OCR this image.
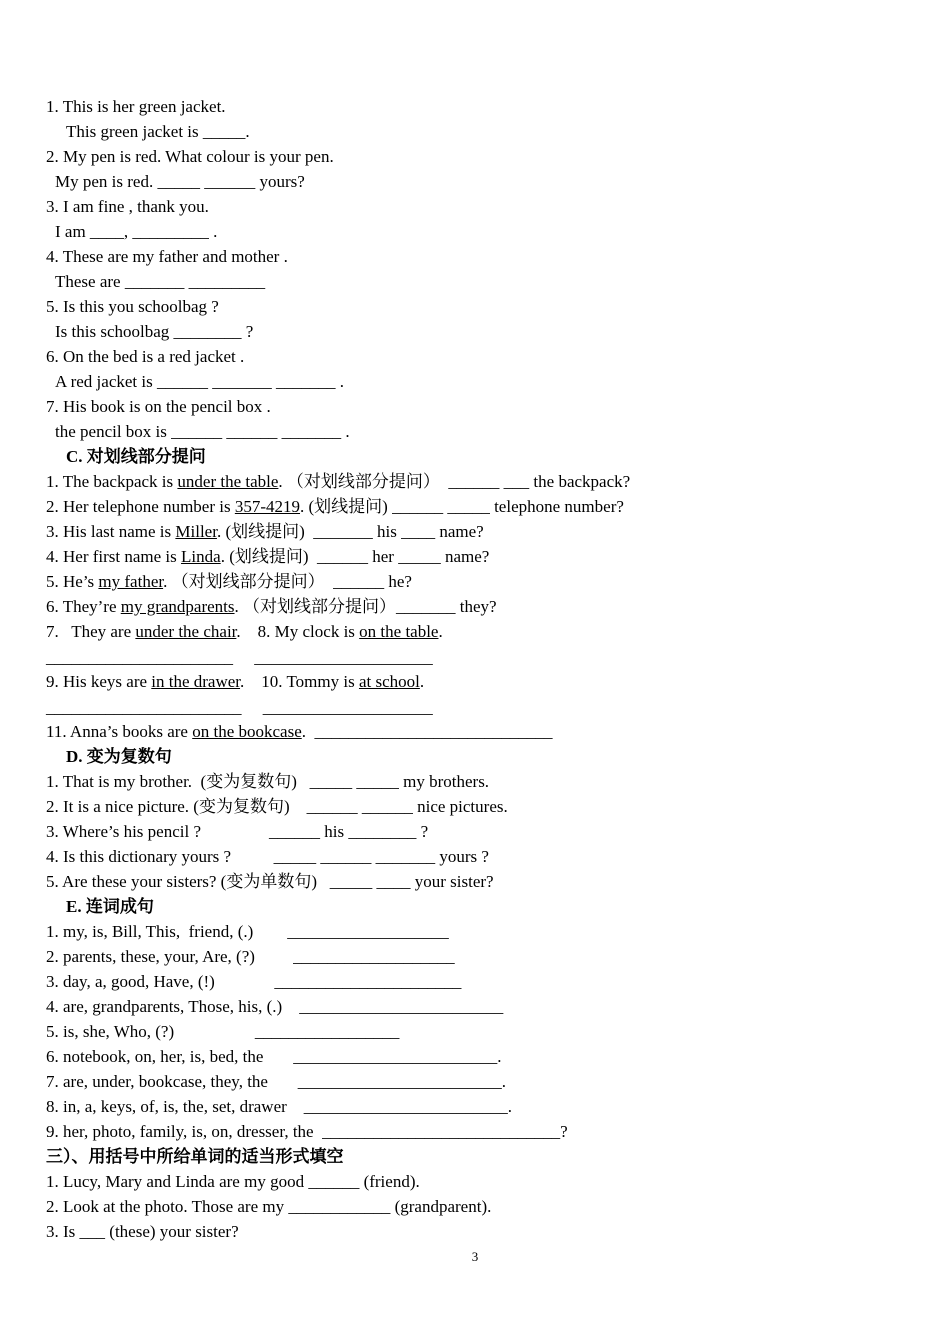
1. This is her green jacket.
This green jacket is _____.
2. My pen is red. What colour is your pen.
My pen is red. _____ ______ yours?
3. I am fine , thank you.
I am ____, _________ .
4. These are my father and mother .
These are _______ _________
5. Is this you schoolbag ?
Is this schoolbag ________ ?
6. On the bed is a red jacket .
A red jacket is ______ _______ _______ .
7. His book is on the pencil box .
the pencil box is ______ ______ _______ .
C. 对划线部分提问
1. The backpack is under the table. （对划线部分提问）  ______ ___ the backpack?
2. Her telephone number is 357-4219. (划线提问) ______ _____ telephone number?
3. His last name is Miller. (划线提问)  _______ his ____ name?
4. Her first name is Linda. (划线提问)  ______ her _____ name?
5. He’s my father. （对划线部分提问）  ______ he?
6. They’re my grandparents. （对划线部分提问）_______ they?
7.   They are under the chair.    8. My clock is on the table.
______________________     _____________________
9. His keys are in the drawer.    10. Tommy is at school.
_______________________     ____________________
11. Anna’s books are on the bookcase.  ____________________________
D. 变为复数句
1. That is my brother.  (变为复数句)   _____ _____ my brothers.
2. It is a nice picture. (变为复数句)    ______ ______ nice pictures.
3. Where’s his pencil ?                ______ his ________ ?
4. Is this dictionary yours ?          _____ ______ _______ yours ?
5. Are these your sisters? (变为单数句)   _____ ____ your sister?
E. 连词成句
1. my, is, Bill, This,  friend, (.)        ___________________
2. parents, these, your, Are, (?)         ___________________
3. day, a, good, Have, (!)              ______________________
4. are, grandparents, Those, his, (.)    ________________________
5. is, she, Who, (?)                   _________________
6. notebook, on, her, is, bed, the       ________________________.
7. are, under, bookcase, they, the       ________________________.
8. in, a, keys, of, is, the, set, drawer    ________________________.
9. her, photo, family, is, on, dresser, the  ____________________________?
三）、用括号中所给单词的适当形式填空
1. Lucy, Mary and Linda are my good ______ (friend).
2. Look at the photo. Those are my ____________ (grandparent).
3. Is ___ (these) your sister?
3
